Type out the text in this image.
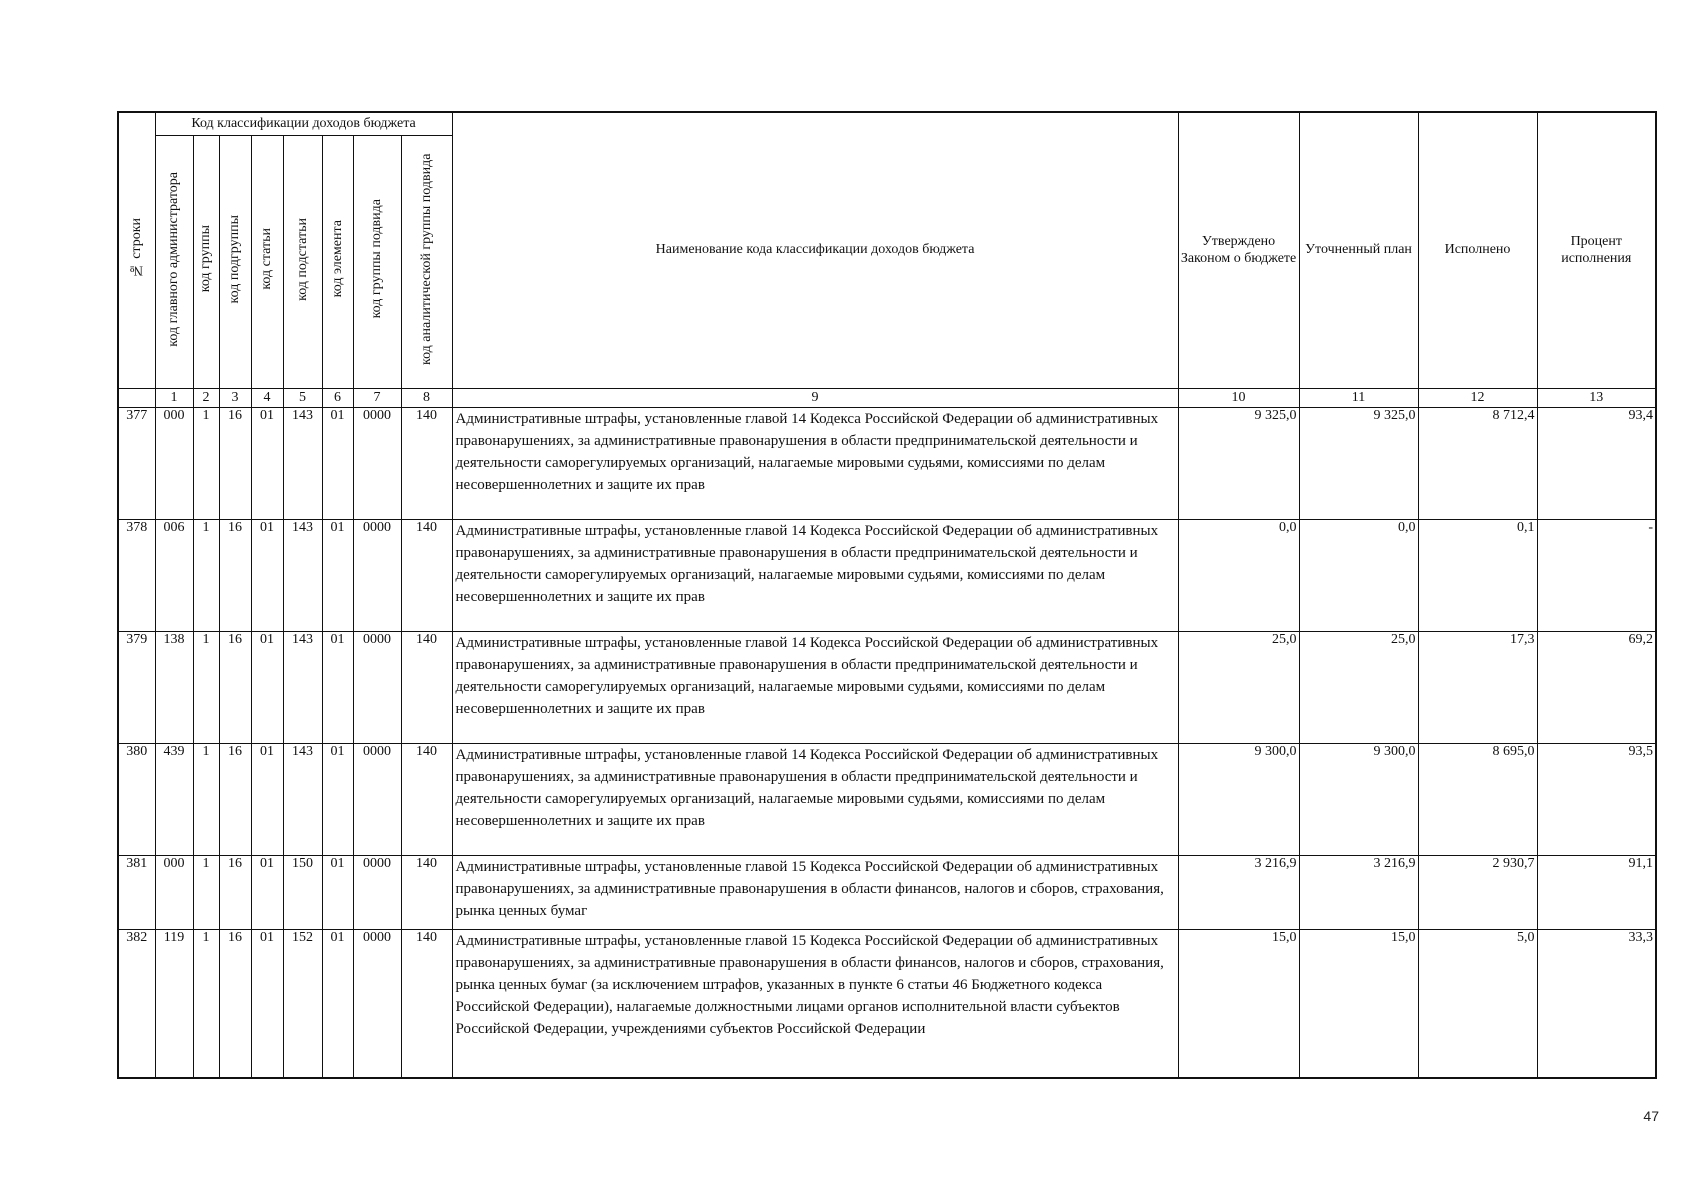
№ строки	Код классификации доходов бюджета								Наименование кода классификации доходов бюджета	Утверждено Законом о бюджете	Уточненный план	Исполнено	Процент исполнения
	код главного администратора	код группы	код подгруппы	код статьи	код подстатьи	код элемента	код группы подвида	код аналитической группы подвида					
	1	2	3	4	5	6	7	8	9	10	11	12	13
377	000	1	16	01	143	01	0000	140	Административные штрафы, установленные главой 14 Кодекса Российской Федерации об административных правонарушениях, за административные правонарушения в области предпринимательской деятельности и деятельности саморегулируемых организаций, налагаемые мировыми судьями, комиссиями по делам несовершеннолетних и защите их прав	9 325,0	9 325,0	8 712,4	93,4
378	006	1	16	01	143	01	0000	140	Административные штрафы, установленные главой 14 Кодекса Российской Федерации об административных правонарушениях, за административные правонарушения в области предпринимательской деятельности и деятельности саморегулируемых организаций, налагаемые мировыми судьями, комиссиями по делам несовершеннолетних и защите их прав	0,0	0,0	0,1	-
379	138	1	16	01	143	01	0000	140	Административные штрафы, установленные главой 14 Кодекса Российской Федерации об административных правонарушениях, за административные правонарушения в области предпринимательской деятельности и деятельности саморегулируемых организаций, налагаемые мировыми судьями, комиссиями по делам несовершеннолетних и защите их прав	25,0	25,0	17,3	69,2
380	439	1	16	01	143	01	0000	140	Административные штрафы, установленные главой 14 Кодекса Российской Федерации об административных правонарушениях, за административные правонарушения в области предпринимательской деятельности и деятельности саморегулируемых организаций, налагаемые мировыми судьями, комиссиями по делам несовершеннолетних и защите их прав	9 300,0	9 300,0	8 695,0	93,5
381	000	1	16	01	150	01	0000	140	Административные штрафы, установленные главой 15 Кодекса Российской Федерации об административных правонарушениях, за административные правонарушения в области финансов, налогов и сборов, страхования, рынка ценных бумаг	3 216,9	3 216,9	2 930,7	91,1
382	119	1	16	01	152	01	0000	140	Административные штрафы, установленные главой 15 Кодекса Российской Федерации об административных правонарушениях, за административные правонарушения в области финансов, налогов и сборов, страхования, рынка ценных бумаг (за исключением штрафов, указанных в пункте 6 статьи 46 Бюджетного кодекса Российской Федерации), налагаемые должностными лицами органов исполнительной власти субъектов Российской Федерации, учреждениями субъектов Российской Федерации	15,0	15,0	5,0	33,3
47
